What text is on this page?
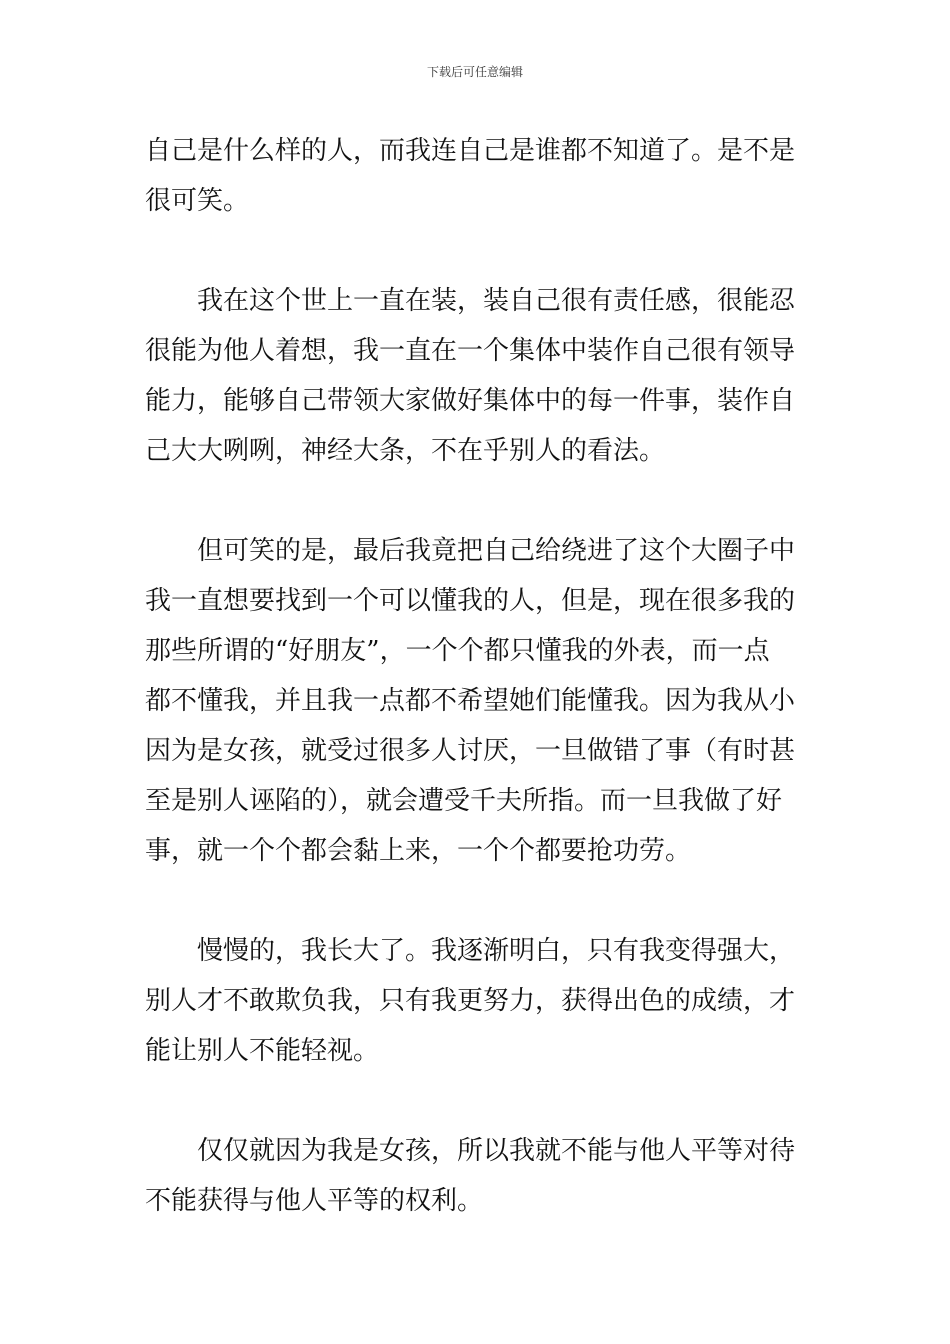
下载后可任意编辑
自己是什么样的人，而我连自己是谁都不知道了。是不是
很可笑。
我在这个世上一直在装，装自己很有责任感，很能忍
很能为他人着想，我一直在一个集体中装作自己很有领导
能力，能够自己带领大家做好集体中的每一件事，装作自
己大大咧咧，神经大条，不在乎别人的看法。
但可笑的是，最后我竟把自己给绕进了这个大圈子中
我一直想要找到一个可以懂我的人，但是，现在很多我的
那些所谓的“好朋友”，一个个都只懂我的外表，而一点
都不懂我，并且我一点都不希望她们能懂我。因为我从小
因为是女孩，就受过很多人讨厌，一旦做错了事（有时甚
至是别人诬陷的），就会遭受千夫所指。而一旦我做了好
事，就一个个都会黏上来，一个个都要抢功劳。
慢慢的，我长大了。我逐渐明白，只有我变得强大，
别人才不敢欺负我，只有我更努力，获得出色的成绩，才
能让别人不能轻视。
仅仅就因为我是女孩，所以我就不能与他人平等对待
不能获得与他人平等的权利。
